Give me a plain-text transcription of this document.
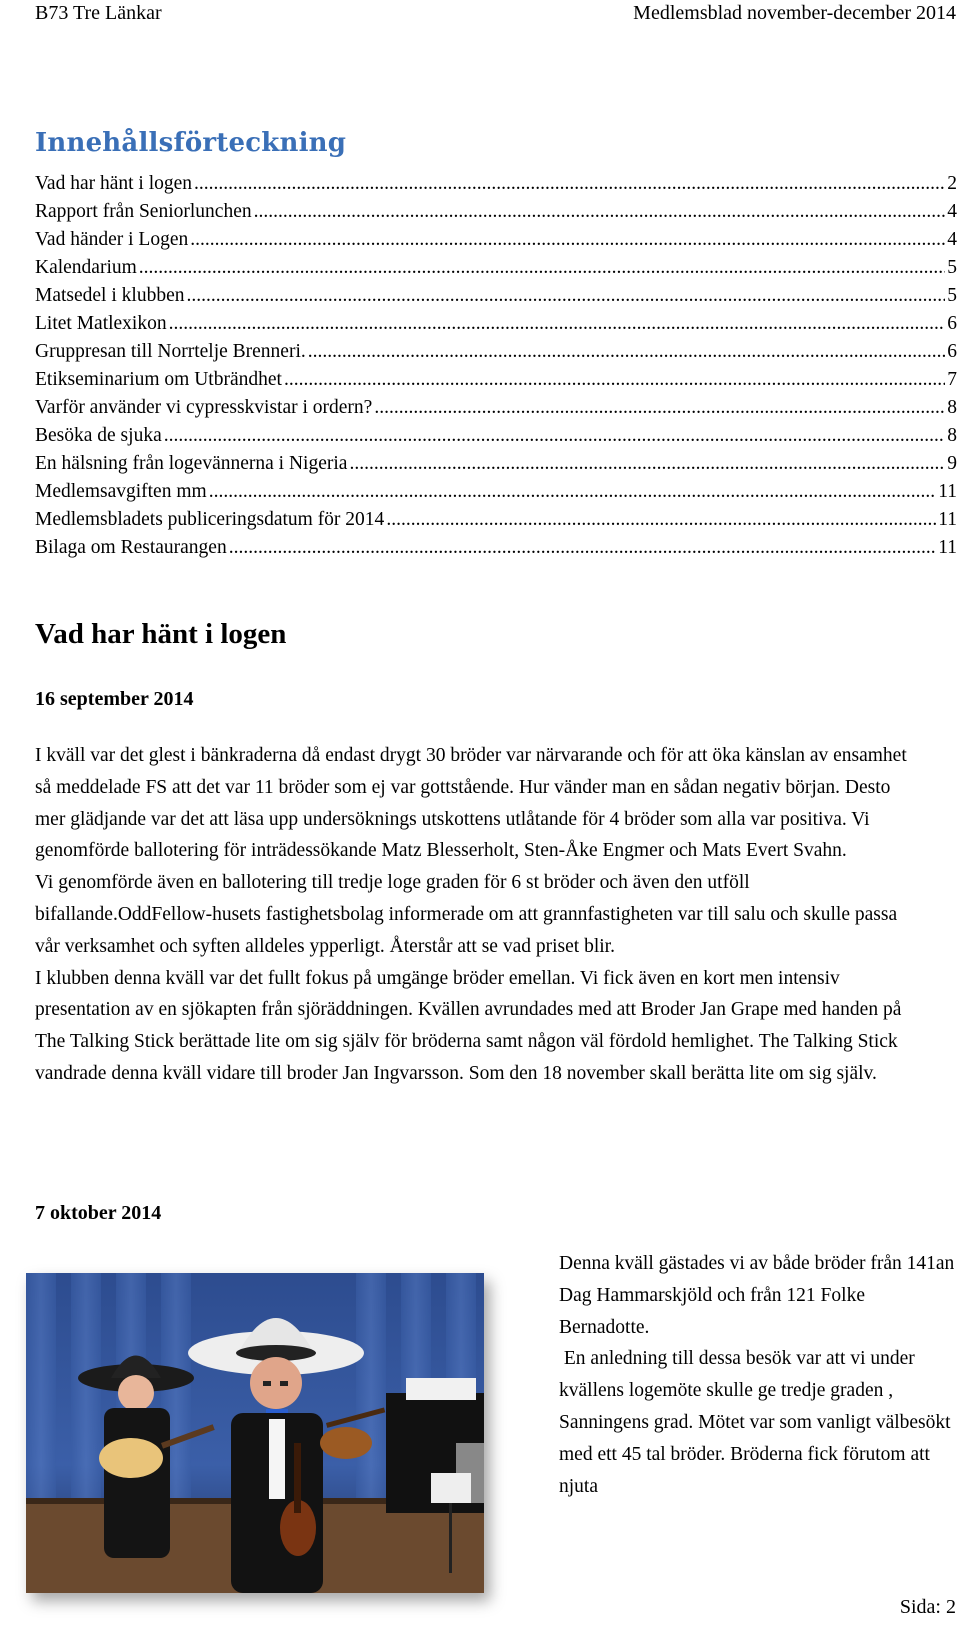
B73 Tre Länkar	Medlemsblad november-december 2014
Innehållsförteckning
Vad har hänt i logen .....	2
Rapport från Seniorlunchen .....	4
Vad händer i Logen .....	4
Kalendarium .....	5
Matsedel i klubben .....	5
Litet Matlexikon .....	6
Gruppresan till Norrtelje Brenneri. .....	6
Etikseminarium om Utbrändhet .....	7
Varför använder vi cypresskvistar i ordern? .....	8
Besöka de sjuka .....	8
En hälsning från logevännerna i Nigeria .....	9
Medlemsavgiften mm .....	11
Medlemsbladets publiceringsdatum för 2014 .....	11
Bilaga om Restaurangen .....	11
Vad har hänt i logen
16 september 2014

I kväll var det glest i bänkraderna då endast drygt 30 bröder var närvarande och för att öka känslan av ensamhet så meddelade FS att det var 11 bröder som ej var gottstående. Hur vänder man en sådan negativ början. Desto mer glädjande var det att läsa upp undersöknings utskottens utlåtande för 4 bröder som alla var positiva. Vi genomförde ballotering för inträdessökande Matz Blesserholt, Sten-Åke Engmer och Mats Evert Svahn.

Vi genomförde även en ballotering till tredje loge graden för 6 st bröder och även den utföll bifallande.OddFellow-husets fastighetsbolag informerade om att grannfastigheten var till salu och skulle passa vår verksamhet och syften alldeles ypperligt. Återstår att se vad priset blir.

I klubben denna kväll var det fullt fokus på umgänge bröder emellan. Vi fick även en kort men intensiv presentation av en sjökapten från sjöräddningen. Kvällen avrundades med att Broder Jan Grape med handen på The Talking Stick berättade lite om sig själv för bröderna samt någon väl fördold hemlighet. The Talking Stick vandrade denna kväll vidare till broder Jan Ingvarsson. Som den 18 november skall berätta lite om sig själv.

7 oktober 2014

Denna kväll gästades vi av både bröder från 141an Dag Hammarskjöld och från 121 Folke Bernadotte.

En anledning till dessa besök var att vi under kvällens logemöte skulle ge tredje graden , Sanningens grad. Mötet var som vanligt välbesökt med ett 45 tal bröder. Bröderna fick förutom att njuta

Sida: 2
